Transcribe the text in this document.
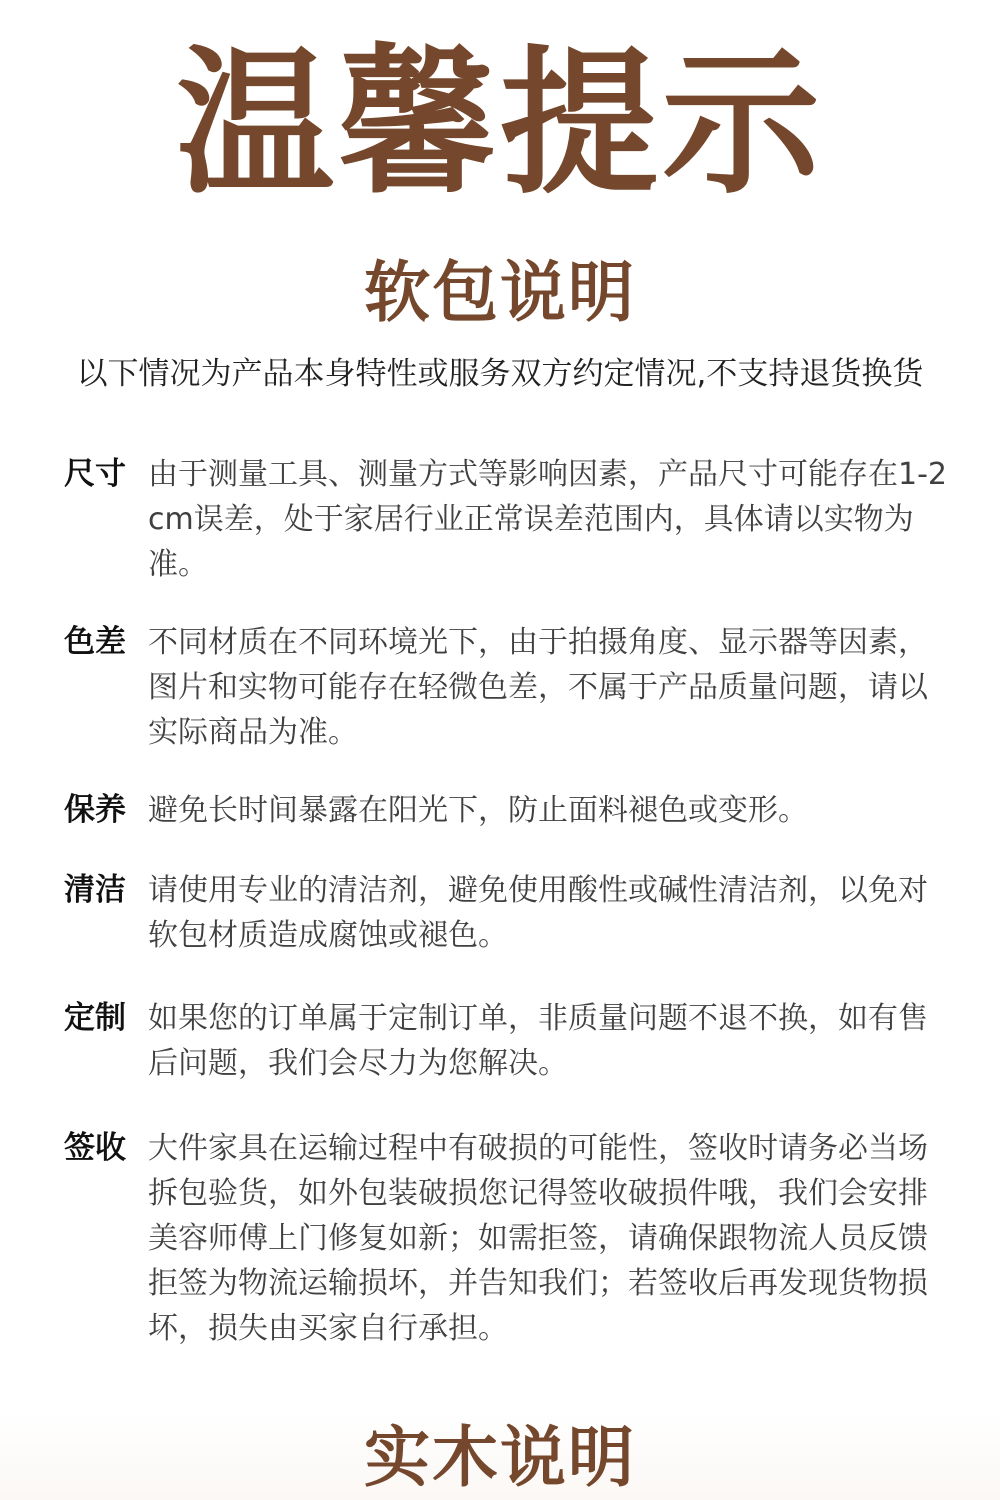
温馨提示
软包说明

以下情况为产品本身特性或服务双方约定情况,不支持退货换货

尺寸 由于测量工具、测量方式等影响因素，产品尺寸可能存在1-2cm误差，处于家居行业正常误差范围内，具体请以实物为准。
色差 不同材质在不同环境光下，由于拍摄角度、显示器等因素，图片和实物可能存在轻微色差，不属于产品质量问题，请以实际商品为准。
保养 避免长时间暴露在阳光下，防止面料褪色或变形。
清洁 请使用专业的清洁剂，避免使用酸性或碱性清洁剂，以免对软包材质造成腐蚀或褪色。
定制 如果您的订单属于定制订单，非质量问题不退不换，如有售后问题，我们会尽力为您解决。
签收 大件家具在运输过程中有破损的可能性，签收时请务必当场拆包验货，如外包装破损您记得签收破损件哦，我们会安排美容师傅上门修复如新；如需拒签，请确保跟物流人员反馈拒签为物流运输损坏，并告知我们；若签收后再发现货物损坏，损失由买家自行承担。
实木说明
